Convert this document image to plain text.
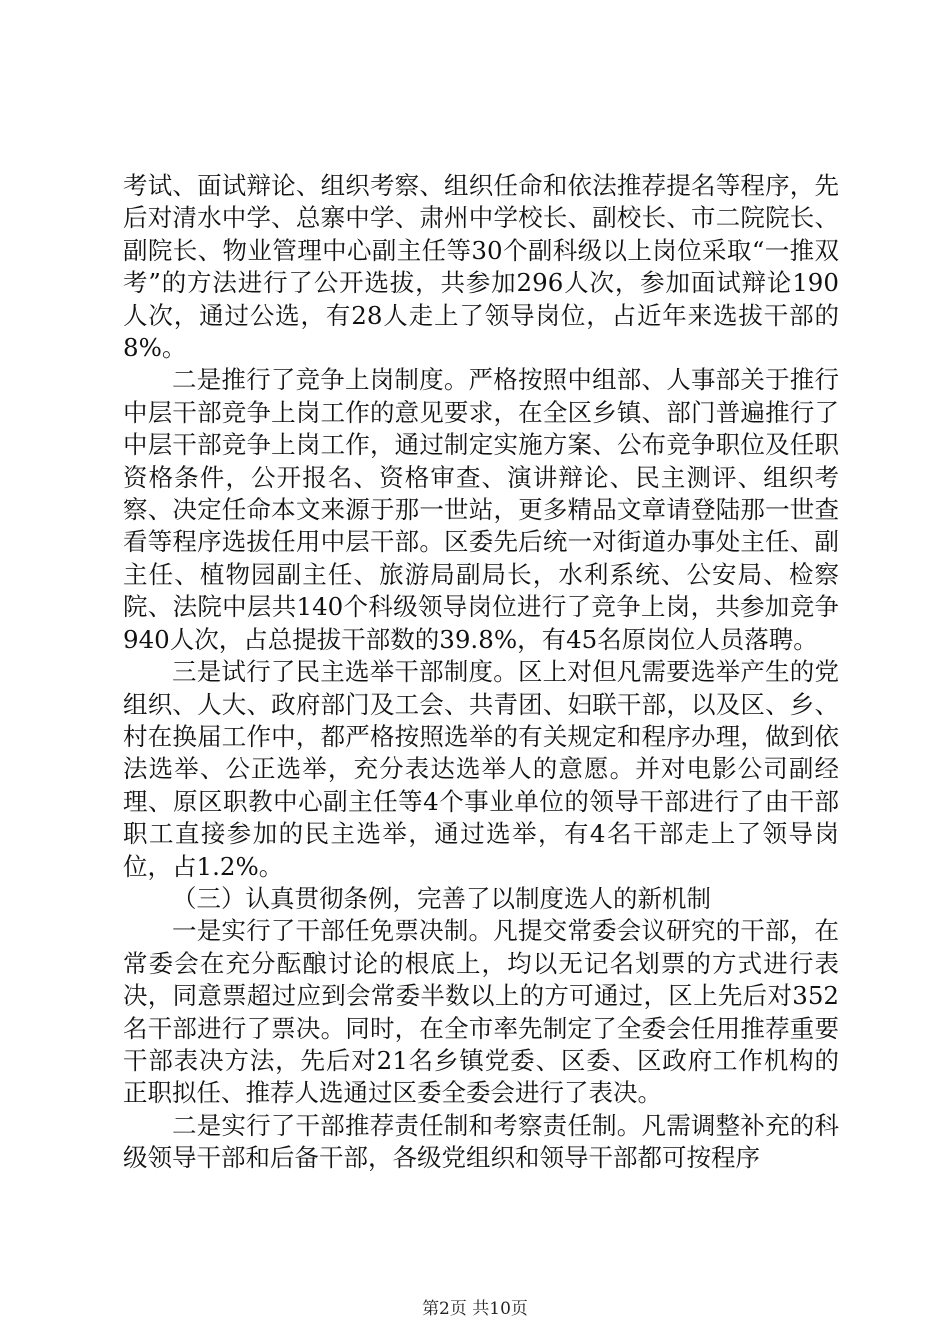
考试、面试辩论、组织考察、组织任命和依法推荐提名等程序，先后对清水中学、总寨中学、肃州中学校长、副校长、市二院院长、副院长、物业管理中心副主任等30个副科级以上岗位采取“一推双考”的方法进行了公开选拔，共参加296人次，参加面试辩论190人次，通过公选，有28人走上了领导岗位，占近年来选拔干部的8%。

二是推行了竞争上岗制度。严格按照中组部、人事部关于推行中层干部竞争上岗工作的意见要求，在全区乡镇、部门普遍推行了中层干部竞争上岗工作，通过制定实施方案、公布竞争职位及任职资格条件，公开报名、资格审查、演讲辩论、民主测评、组织考察、决定任命本文来源于那一世站，更多精品文章请登陆那一世查看等程序选拔任用中层干部。区委先后统一对街道办事处主任、副主任、植物园副主任、旅游局副局长，水利系统、公安局、检察院、法院中层共140个科级领导岗位进行了竞争上岗，共参加竞争940人次，占总提拔干部数的39.8%，有45名原岗位人员落聘。

三是试行了民主选举干部制度。区上对但凡需要选举产生的党组织、人大、政府部门及工会、共青团、妇联干部，以及区、乡、村在换届工作中，都严格按照选举的有关规定和程序办理，做到依法选举、公正选举，充分表达选举人的意愿。并对电影公司副经理、原区职教中心副主任等4个事业单位的领导干部进行了由干部职工直接参加的民主选举，通过选举，有4名干部走上了领导岗位，占1.2%。

（三）认真贯彻条例，完善了以制度选人的新机制

一是实行了干部任免票决制。凡提交常委会议研究的干部，在常委会在充分酝酿讨论的根底上，均以无记名划票的方式进行表决，同意票超过应到会常委半数以上的方可通过，区上先后对352名干部进行了票决。同时，在全市率先制定了全委会任用推荐重要干部表决方法，先后对21名乡镇党委、区委、区政府工作机构的正职拟任、推荐人选通过区委全委会进行了表决。

二是实行了干部推荐责任制和考察责任制。凡需调整补充的科级领导干部和后备干部，各级党组织和领导干部都可按程序

第2页 共10页
